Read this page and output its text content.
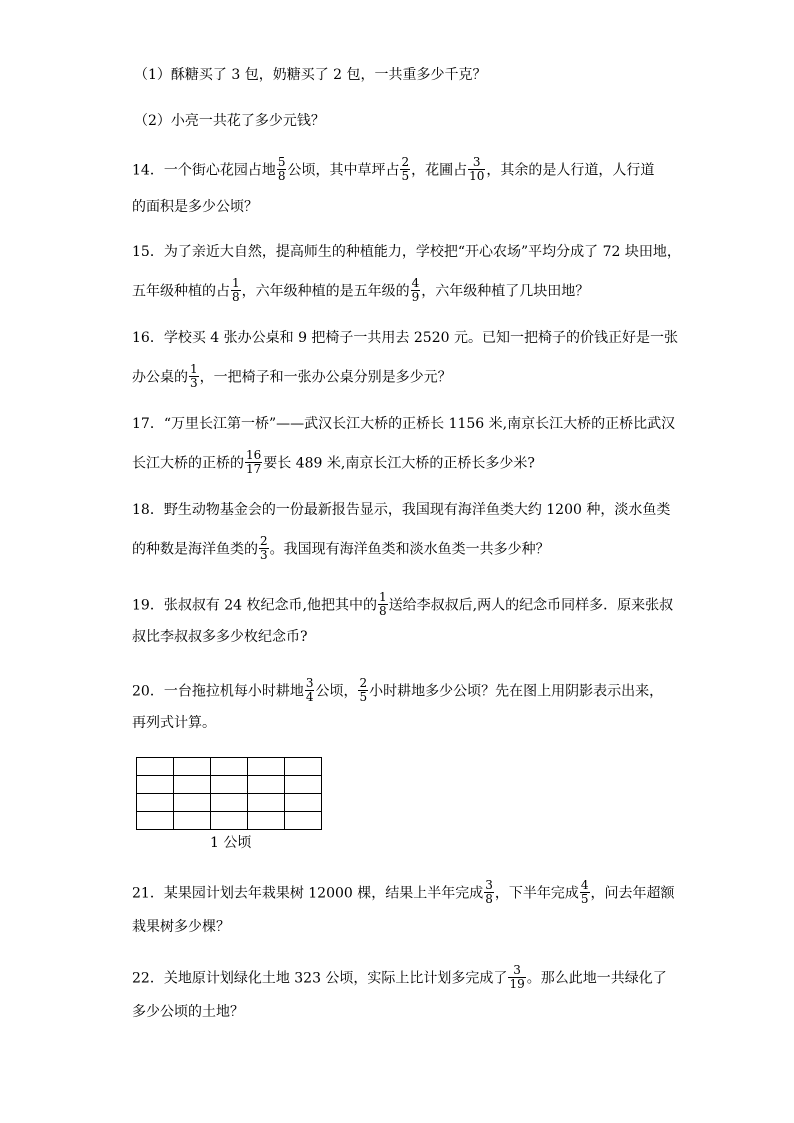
（1）酥糖买了 3 包，奶糖买了 2 包，一共重多少千克？
（2）小亮一共花了多少元钱？
14．一个街心花园占地 $\frac{5}{8}$ 公顷，其中草坪占 $\frac{2}{5}$ ，花圃占 $\frac{3}{10}$ ，其余的是人行道，人行道
的面积是多少公顷？
15．为了亲近大自然，提高师生的种植能力，学校把“开心农场”平均分成了 72 块田地，
五年级种植的占 $\frac{1}{8}$ ，六年级种植的是五年级的 $\frac{4}{9}$ ，六年级种植了几块田地？
16．学校买 4 张办公桌和 9 把椅子一共用去 2520 元。已知一把椅子的价钱正好是一张
办公桌的 $\frac{1}{3}$ ，一把椅子和一张办公桌分别是多少元？
17．“万里长江第一桥”——武汉长江大桥的正桥长 1156 米,南京长江大桥的正桥比武汉
长江大桥的正桥的 $\frac{16}{17}$ 要长 489 米,南京长江大桥的正桥长多少米?
18．野生动物基金会的一份最新报告显示，我国现有海洋鱼类大约 1200 种，淡水鱼类
的种数是海洋鱼类的 $\frac{2}{3}$ 。我国现有海洋鱼类和淡水鱼类一共多少种？
19．张叔叔有 24 枚纪念币,他把其中的 $\frac{1}{8}$ 送给李叔叔后,两人的纪念币同样多．原来张叔
叔比李叔叔多多少枚纪念币?
20．一台拖拉机每小时耕地 $\frac{3}{4}$ 公顷， $\frac{2}{5}$ 小时耕地多少公顷？先在图上用阴影表示出来，
再列式计算。

1 公顷
21．某果园计划去年栽果树 12000 棵，结果上半年完成 $\frac{3}{8}$ ，下半年完成 $\frac{4}{5}$ ，问去年超额
栽果树多少棵？
22．关地原计划绿化土地 323 公顷，实际上比计划多完成了 $\frac{3}{19}$ 。那么此地一共绿化了
多少公顷的土地？
